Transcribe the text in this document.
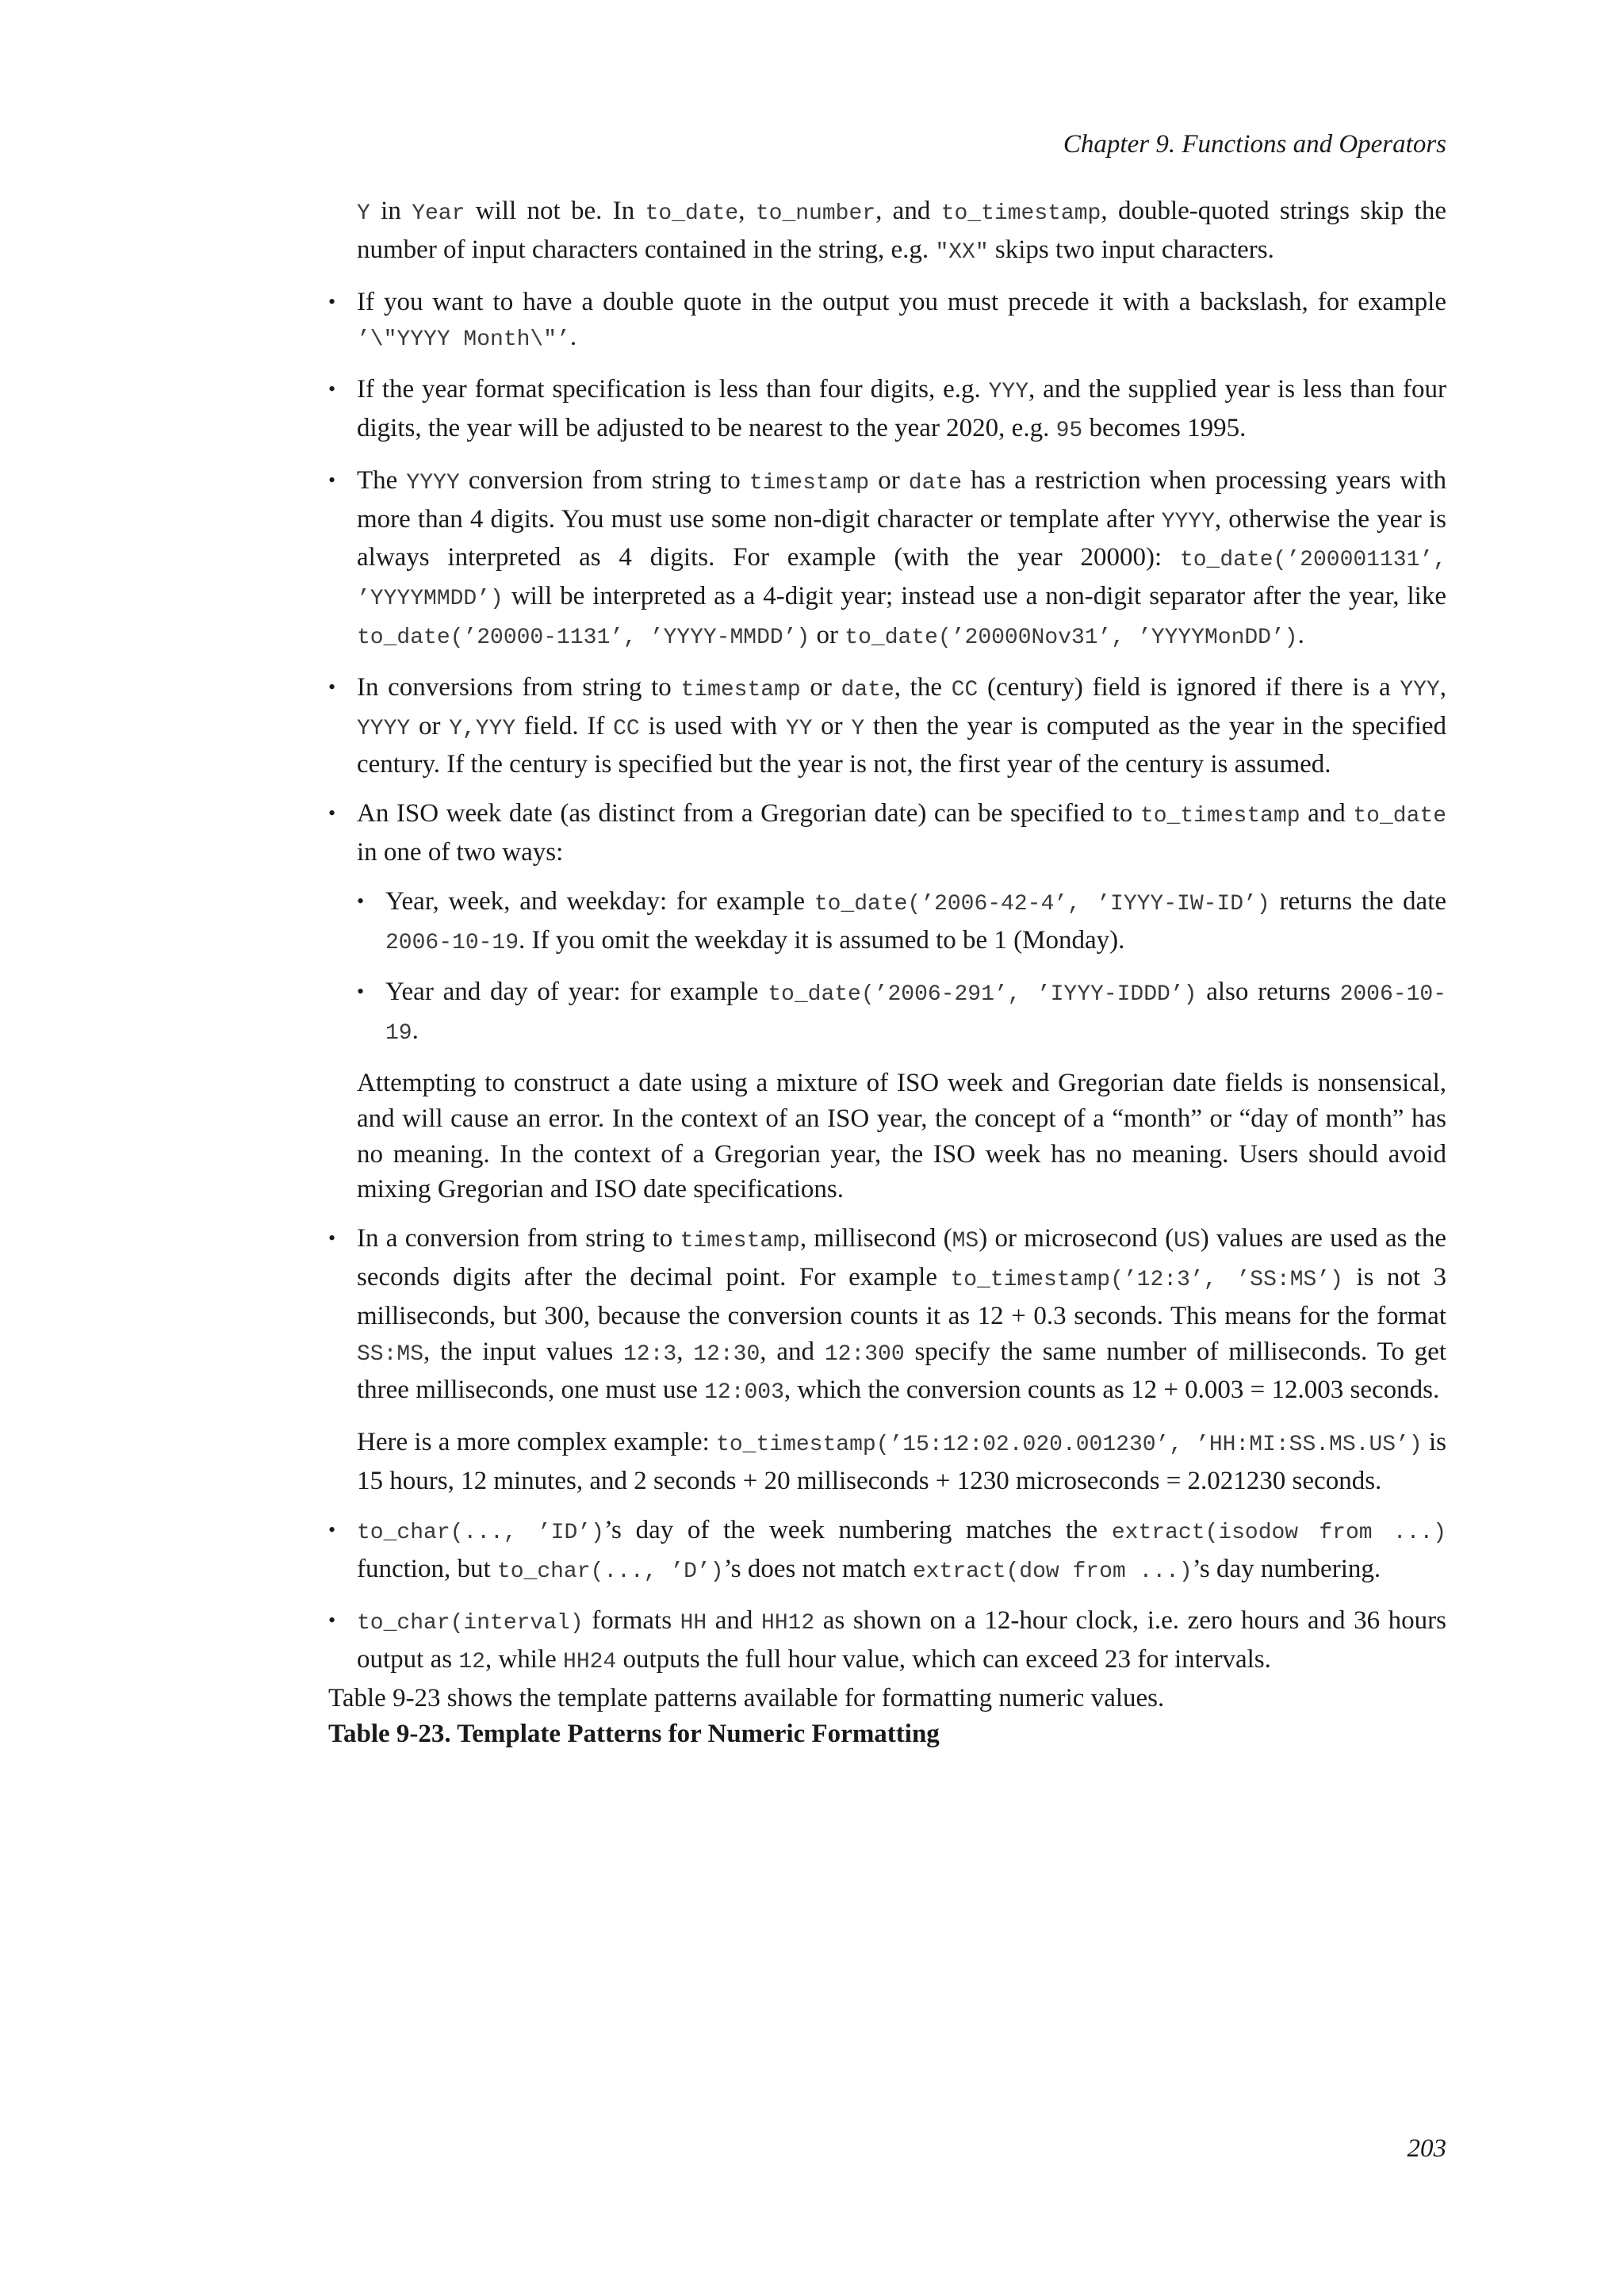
Chapter 9. Functions and Operators

Y in Year will not be. In to_date, to_number, and to_timestamp, double-quoted strings skip the number of input characters contained in the string, e.g. "XX" skips two input characters.

• If you want to have a double quote in the output you must precede it with a backslash, for example ’\"YYYY Month\"’.

• If the year format specification is less than four digits, e.g. YYY, and the supplied year is less than four digits, the year will be adjusted to be nearest to the year 2020, e.g. 95 becomes 1995.

• The YYYY conversion from string to timestamp or date has a restriction when processing years with more than 4 digits. You must use some non-digit character or template after YYYY, otherwise the year is always interpreted as 4 digits. For example (with the year 20000): to_date(’200001131’, ’YYYYMMDD’) will be interpreted as a 4-digit year; instead use a non-digit separator after the year, like to_date(’20000-1131’, ’YYYY-MMDD’) or to_date(’20000Nov31’, ’YYYYMonDD’).

• In conversions from string to timestamp or date, the CC (century) field is ignored if there is a YYY, YYYY or Y,YYY field. If CC is used with YY or Y then the year is computed as the year in the specified century. If the century is specified but the year is not, the first year of the century is assumed.

• An ISO week date (as distinct from a Gregorian date) can be specified to to_timestamp and to_date in one of two ways:

• Year, week, and weekday: for example to_date(’2006-42-4’, ’IYYY-IW-ID’) returns the date 2006-10-19. If you omit the weekday it is assumed to be 1 (Monday).

• Year and day of year: for example to_date(’2006-291’, ’IYYY-IDDD’) also returns 2006-10-19.

Attempting to construct a date using a mixture of ISO week and Gregorian date fields is nonsensical, and will cause an error. In the context of an ISO year, the concept of a “month” or “day of month” has no meaning. In the context of a Gregorian year, the ISO week has no meaning. Users should avoid mixing Gregorian and ISO date specifications.

• In a conversion from string to timestamp, millisecond (MS) or microsecond (US) values are used as the seconds digits after the decimal point. For example to_timestamp(’12:3’, ’SS:MS’) is not 3 milliseconds, but 300, because the conversion counts it as 12 + 0.3 seconds. This means for the format SS:MS, the input values 12:3, 12:30, and 12:300 specify the same number of milliseconds. To get three milliseconds, one must use 12:003, which the conversion counts as 12 + 0.003 = 12.003 seconds.

Here is a more complex example: to_timestamp(’15:12:02.020.001230’, ’HH:MI:SS.MS.US’) is 15 hours, 12 minutes, and 2 seconds + 20 milliseconds + 1230 microseconds = 2.021230 seconds.

• to_char(..., ’ID’)’s day of the week numbering matches the extract(isodow from ...) function, but to_char(..., ’D’)’s does not match extract(dow from ...)’s day numbering.

• to_char(interval) formats HH and HH12 as shown on a 12-hour clock, i.e. zero hours and 36 hours output as 12, while HH24 outputs the full hour value, which can exceed 23 for intervals.

Table 9-23 shows the template patterns available for formatting numeric values.

Table 9-23. Template Patterns for Numeric Formatting

203
